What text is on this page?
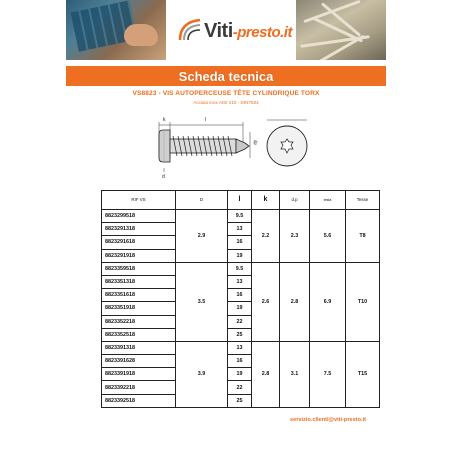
Viti-presto.it
Scheda tecnica
VS8823 - VIS AUTOPERCEUSE TÊTE CYLINDRIQUE TORX
Acciaio inox AISI 410 - DIN7504
k	l
dp
d
RIF VS	D	l	k	d.p	testa	Tesse
8823299518	2.9	9.5	2.2	2.3	5.6	T8
8823291318		13				
8823291618		16				
8823291918		19				
8823359518	3.5	9.5	2.6	2.8	6.9	T10
8823351318		13				
8823351618		16				
8823351918		19				
8823352218		22				
8823352518		25				
8823391318	3.9	13	2.8	3.1	7.5	T15
8823391628		16				
8823391918		19				
8823392218		22				
8823392518		25				
servizio.clienti@viti-presto.it
